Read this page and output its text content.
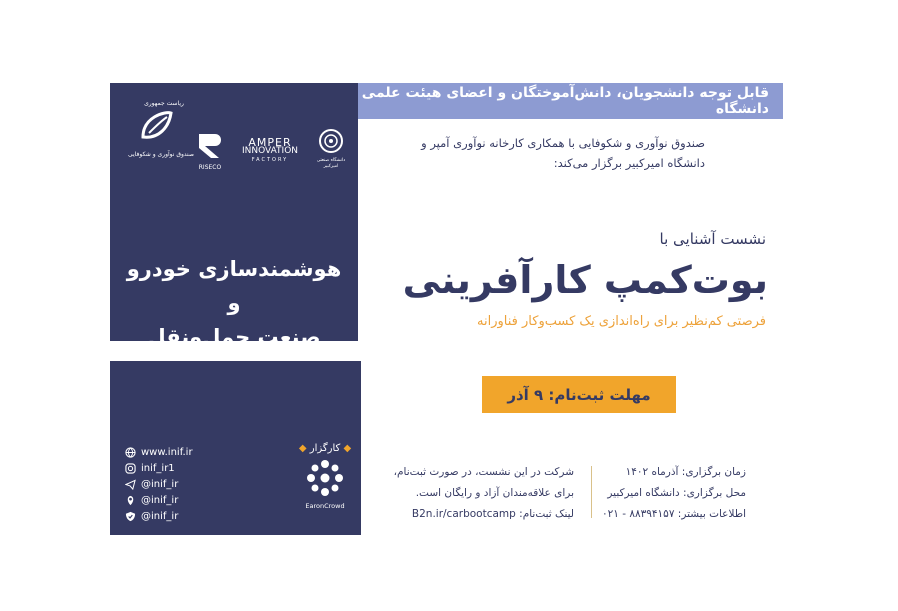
ریاست جمهوری
صندوق نوآوری و شکوفایی
RISECO
AMPER
INNOVATION
FACTORY	دانشگاه صنعتی امیرکبیر
هوشمندسازی خودرو و
صنعت حمل‌ونقل
قابل توجه دانشجویان، دانش‌آموختگان و اعضای هیئت علمی دانشگاه
صندوق نوآوری و شکوفایی با همکاری کارخانه نوآوری آمپر و
دانشگاه امیرکبیر برگزار می‌کند:
نشست آشنایی با
بوت‌کمپ کارآفرینی
فرصتی کم‌نظیر برای راه‌اندازی یک کسب‌وکار فناورانه
مهلت ثبت‌نام: ۹ آذر
www.inif.ir
inif_ir1
@inif_ir
@inif_ir
@inif_ir
◆ کارگزار ◆
EaronCrowd
شرکت در این نشست، در صورت ثبت‌نام،
برای علاقه‌مندان آزاد و رایگان است.
لینک ثبت‌نام: B2n.ir/carbootcamp
زمان برگزاری: آذرماه ۱۴۰۲
محل برگزاری: دانشگاه امیرکبیر
اطلاعات بیشتر: ۸۸۳۹۴۱۵۷ - ۰۲۱
